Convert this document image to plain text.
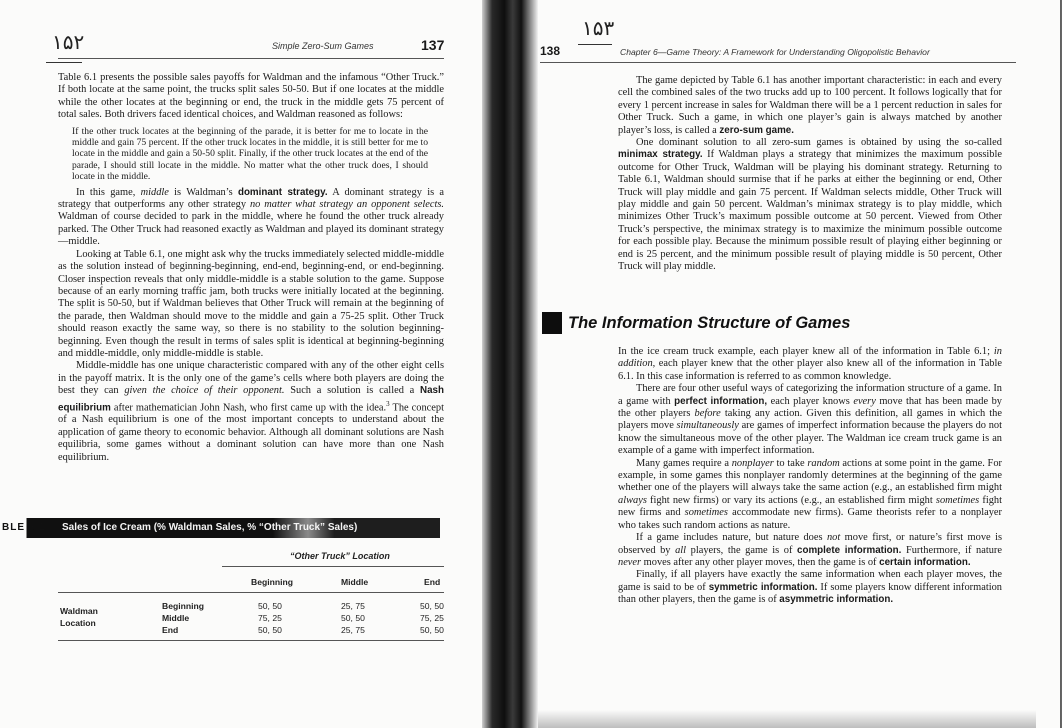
۱۵۲	Simple Zero-Sum Games	137

Table 6.1 presents the possible sales payoffs for Waldman and the infamous “Other Truck.” If both locate at the same point, the trucks split sales 50-50. But if one locates at the middle while the other locates at the beginning or end, the truck in the middle gets 75 percent of total sales. Both drivers faced identical choices, and Waldman reasoned as follows:

If the other truck locates at the beginning of the parade, it is better for me to locate in the middle and gain 75 percent. If the other truck locates in the middle, it is still better for me to locate in the middle and gain a 50-50 split. Finally, if the other truck locates at the end of the parade, I should still locate in the middle. No matter what the other truck does, I should locate in the middle.

In this game, middle is Waldman’s dominant strategy. A dominant strategy is a strategy that outperforms any other strategy no matter what strategy an opponent selects. Waldman of course decided to park in the middle, where he found the other truck already parked. The Other Truck had reasoned exactly as Waldman and played its dominant strategy—middle.

Looking at Table 6.1, one might ask why the trucks immediately selected middle-middle as the solution instead of beginning-beginning, end-end, beginning-end, or end-beginning. Closer inspection reveals that only middle-middle is a stable solution to the game. Suppose because of an early morning traffic jam, both trucks were initially located at the beginning. The split is 50-50, but if Waldman believes that Other Truck will remain at the beginning of the parade, then Waldman should move to the middle and gain a 75-25 split. Other Truck should reason exactly the same way, so there is no stability to the solution beginning-beginning. Even though the result in terms of sales split is identical at beginning-beginning and middle-middle, only middle-middle is stable.

Middle-middle has one unique characteristic compared with any of the other eight cells in the payoff matrix. It is the only one of the game’s cells where both players are doing the best they can given the choice of their opponent. Such a solution is called a Nash equilibrium after mathematician John Nash, who first came up with the idea.$^3$ The concept of a Nash equilibrium is one of the most important concepts to understand about the application of game theory to economic behavior. Although all dominant solutions are Nash equilibria, some games without a dominant solution can have more than one Nash equilibrium.

BLE 6.1 Sales of Ice Cream (% Waldman Sales, % “Other Truck” Sales)
“Other Truck” Location
Beginning	Middle	End
Waldman
Location
Beginning	50, 50	25, 75	50, 50
Middle	75, 25	50, 50	75, 25
End	50, 50	25, 75	50, 50
۱۵۳
138	Chapter 6—Game Theory: A Framework for Understanding Oligopolistic Behavior

The game depicted by Table 6.1 has another important characteristic: in each and every cell the combined sales of the two trucks add up to 100 percent. It follows logically that for every 1 percent increase in sales for Waldman there will be a 1 percent reduction in sales for Other Truck. Such a game, in which one player’s gain is always matched by another player’s loss, is called a zero-sum game.

One dominant solution to all zero-sum games is obtained by using the so-called minimax strategy. If Waldman plays a strategy that minimizes the maximum possible outcome for Other Truck, Waldman will be playing his dominant strategy. Returning to Table 6.1, Waldman should surmise that if he parks at either the beginning or end, Other Truck will play middle and gain 75 percent. If Waldman selects middle, Other Truck will play middle and gain 50 percent. Waldman’s minimax strategy is to play middle, which minimizes Other Truck’s maximum possible outcome at 50 percent. Viewed from Other Truck’s perspective, the minimax strategy is to maximize the minimum possible outcome for each possible play. Because the minimum possible result of playing either beginning or end is 25 percent, and the minimum possible result of playing middle is 50 percent, Other Truck will play middle.

The Information Structure of Games

In the ice cream truck example, each player knew all of the information in Table 6.1; in addition, each player knew that the other player also knew all of the information in Table 6.1. In this case information is referred to as common knowledge.

There are four other useful ways of categorizing the information structure of a game. In a game with perfect information, each player knows every move that has been made by the other players before taking any action. Given this definition, all games in which the players move simultaneously are games of imperfect information because the players do not know the simultaneous move of the other player. The Waldman ice cream truck game is an example of a game with imperfect information.

Many games require a nonplayer to take random actions at some point in the game. For example, in some games this nonplayer randomly determines at the beginning of the game whether one of the players will always take the same action (e.g., an established firm might always fight new firms) or vary its actions (e.g., an established firm might sometimes fight new firms and sometimes accommodate new firms). Game theorists refer to a nonplayer who takes such random actions as nature.

If a game includes nature, but nature does not move first, or nature’s first move is observed by all players, the game is of complete information. Furthermore, if nature never moves after any other player moves, then the game is of certain information.

Finally, if all players have exactly the same information when each player moves, the game is said to be of symmetric information. If some players know different information than other players, then the game is of asymmetric information.
